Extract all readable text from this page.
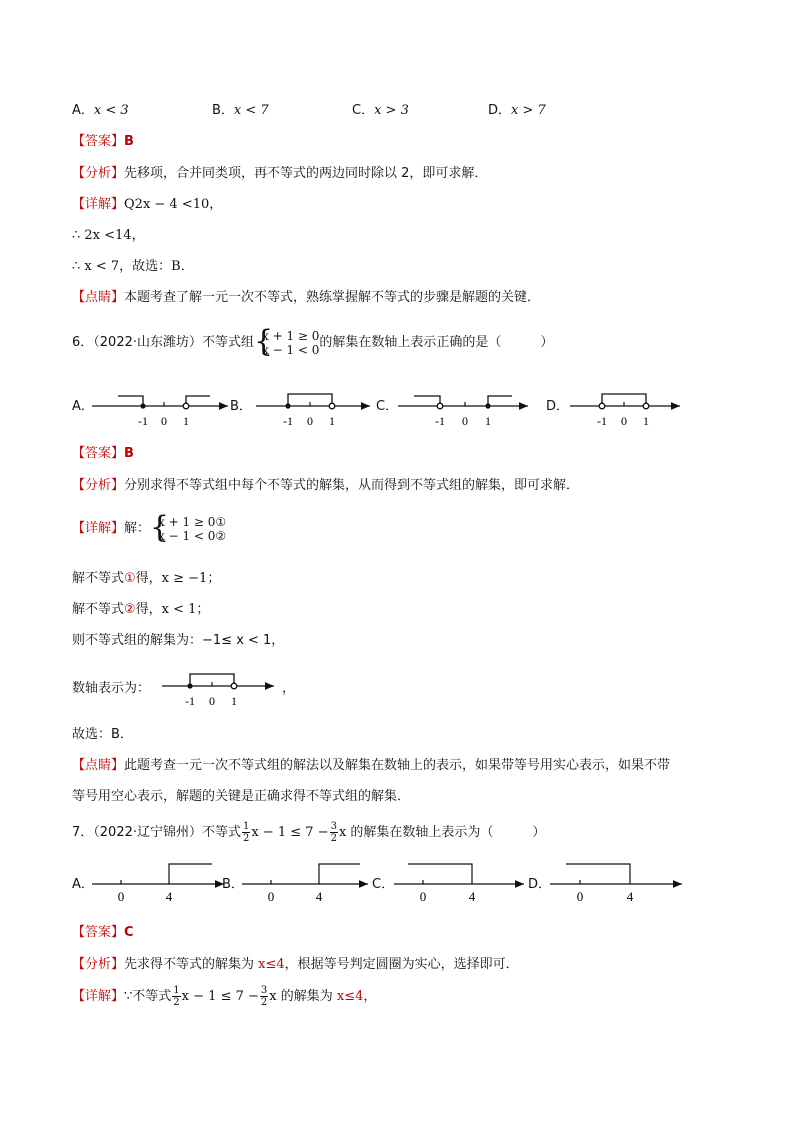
A．x < 3	B．x < 7	C．x > 3	D．x > 7
【答案】B
【分析】先移项，合并同类项，再不等式的两边同时除以 2，即可求解．
【详解】Q2x − 4 <10，
∴ 2x <14，
∴ x < 7，故选：B．
【点睛】本题考查了解一元一次不等式，熟练掌握解不等式的步骤是解题的关键．
6．（2022·山东潍坊）不等式组 {
x + 1 ≥ 0
x − 1 < 0 的解集在数轴上表示正确的是（　　　）
A．	B．	C．	D．
-1 0 1	-1 0 1	-1 0 1	-1 0 1
【答案】B
【分析】分别求得不等式组中每个不等式的解集，从而得到不等式组的解集，即可求解．
【详解】解： {
x + 1 ≥ 0①
x − 1 < 0②
解不等式①得，x ≥ −1；
解不等式②得，x < 1；
则不等式组的解集为：−1≤ x < 1，
数轴表示为：
-1 0 1
，
故选：B．
【点睛】此题考查一元一次不等式组的解法以及解集在数轴上的表示，如果带等号用实心表示，如果不带
等号用空心表示，解题的关键是正确求得不等式组的解集．
7．（2022·辽宁锦州）不等式 $\frac{1}{2}$ $x - 1 \le 7 - \frac{3}{2}$ x 的解集在数轴上表示为（　　　）
A．	B．	C．	D．
0	4	0	4	0	4	0	4
【答案】C
【分析】先求得不等式的解集为 x≤4，根据等号判定圆圈为实心，选择即可．
【详解】∵不等式 $\frac{1}{2}$ $x - 1 \le 7 - \frac{3}{2}$ x 的解集为 x≤4，
